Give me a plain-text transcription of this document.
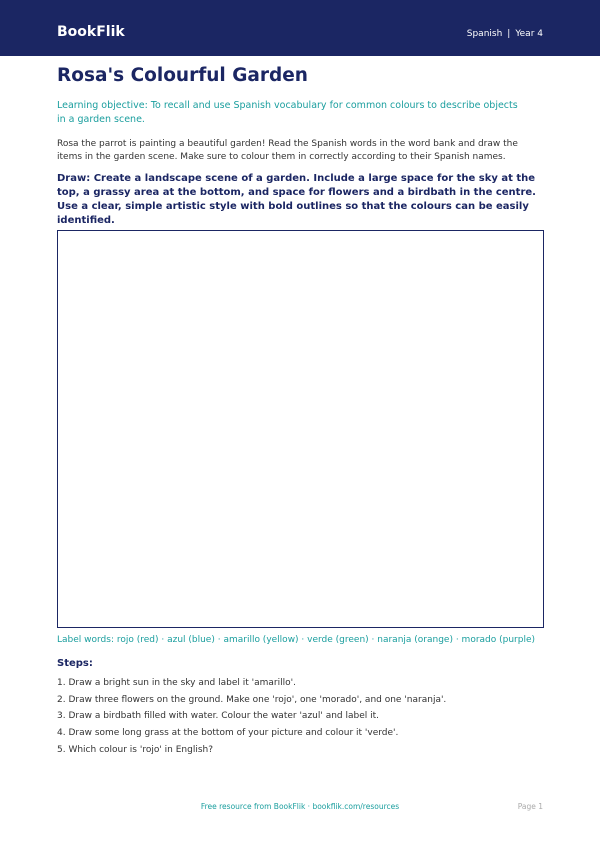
BookFlik	Spanish | Year 4
Rosa's Colourful Garden

Learning objective: To recall and use Spanish vocabulary for common colours to describe objects in a garden scene.

Rosa the parrot is painting a beautiful garden! Read the Spanish words in the word bank and draw the items in the garden scene. Make sure to colour them in correctly according to their Spanish names.

Draw: Create a landscape scene of a garden. Include a large space for the sky at the top, a grassy area at the bottom, and space for flowers and a birdbath in the centre. Use a clear, simple artistic style with bold outlines so that the colours can be easily identified.

Label words: rojo (red) · azul (blue) · amarillo (yellow) · verde (green) · naranja (orange) · morado (purple)

Steps:
1. Draw a bright sun in the sky and label it 'amarillo'.
2. Draw three flowers on the ground. Make one 'rojo', one 'morado', and one 'naranja'.
3. Draw a birdbath filled with water. Colour the water 'azul' and label it.
4. Draw some long grass at the bottom of your picture and colour it 'verde'.
5. Which colour is 'rojo' in English?
Free resource from BookFlik · bookflik.com/resources	Page 1
